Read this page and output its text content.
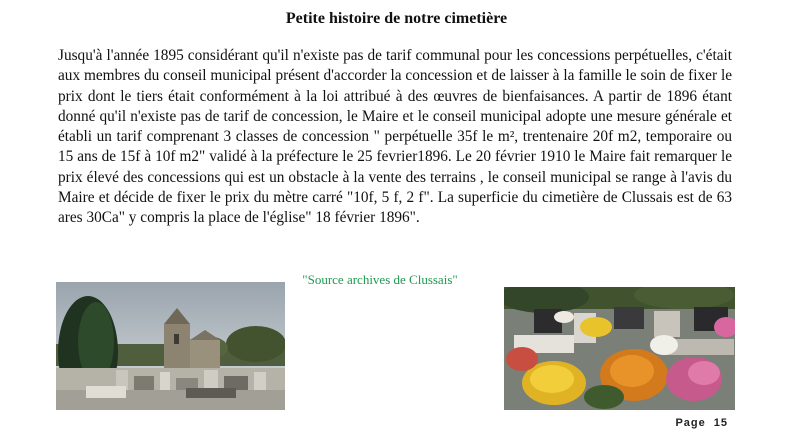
Petite histoire de notre cimetière
Jusqu'à l'année 1895 considérant qu'il n'existe pas de tarif communal pour les concessions perpétuelles, c'était aux membres du conseil municipal présent d'accorder la concession et de laisser à la famille le soin de fixer le prix dont le tiers était conformément à la loi attribué à des œuvres de bienfaisances. A partir de 1896 étant donné qu'il n'existe pas de tarif de concession, le Maire et le conseil municipal adopte une mesure générale et établi un tarif comprenant 3 classes de concession " perpétuelle 35f le m², trentenaire 20f m2, temporaire ou 15 ans de 15f à 10f m2" validé à la préfecture le 25 fevrier1896. Le 20 février 1910 le Maire fait remarquer le prix élevé des concessions qui est un obstacle à la vente des terrains , le conseil municipal se range à l'avis du Maire et décide de fixer le prix du mètre carré "10f, 5 f, 2 f". La superficie du cimetière de Clussais est de 63 ares 30Ca" y compris la place de l'église" 18 février 1896".
"Source archives de Clussais"
Page 15
